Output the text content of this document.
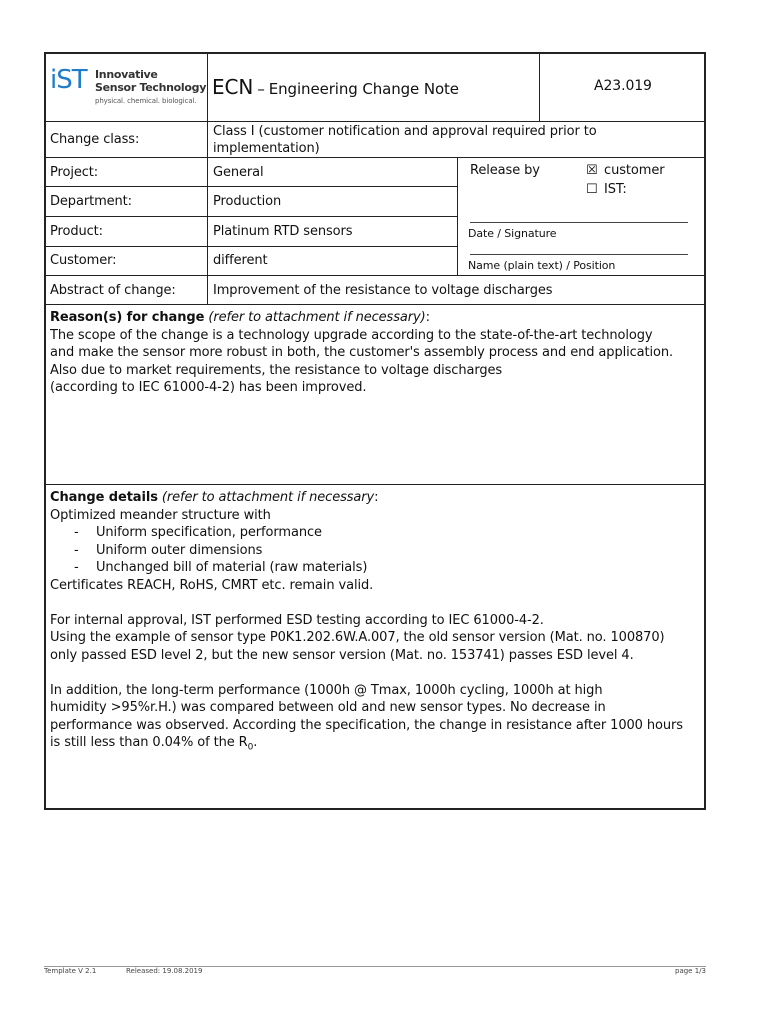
iST Innovative
Sensor Technology
physical. chemical. biological.
ECN – Engineering Change Note	A23.019
Change class:
Class I (customer notification and approval required prior to
implementation)
Project:	General
Department:	Production
Product:	Platinum RTD sensors
Customer:	different
Release by	☒ customer
☐ IST:
Date / Signature
Name (plain text) / Position
Abstract of change:	Improvement of the resistance to voltage discharges

Reason(s) for change (refer to attachment if necessary):

The scope of the change is a technology upgrade according to the state-of-the-art technology

and make the sensor more robust in both, the customer's assembly process and end application.

Also due to market requirements, the resistance to voltage discharges

(according to IEC 61000-4-2) has been improved.

Change details (refer to attachment if necessary:

Optimized meander structure with

- Uniform specification, performance
- Uniform outer dimensions
- Unchanged bill of material (raw materials)

Certificates REACH, RoHS, CMRT etc. remain valid.

For internal approval, IST performed ESD testing according to IEC 61000-4-2.

Using the example of sensor type P0K1.202.6W.A.007, the old sensor version (Mat. no. 100870)

only passed ESD level 2, but the new sensor version (Mat. no. 153741) passes ESD level 4.

In addition, the long-term performance (1000h @ Tmax, 1000h cycling, 1000h at high

humidity >95%r.H.) was compared between old and new sensor types. No decrease in

performance was observed. According the specification, the change in resistance after 1000 hours

is still less than 0.04% of the $R_0$.

Template V 2.1	Released: 19.08.2019	page 1/3
